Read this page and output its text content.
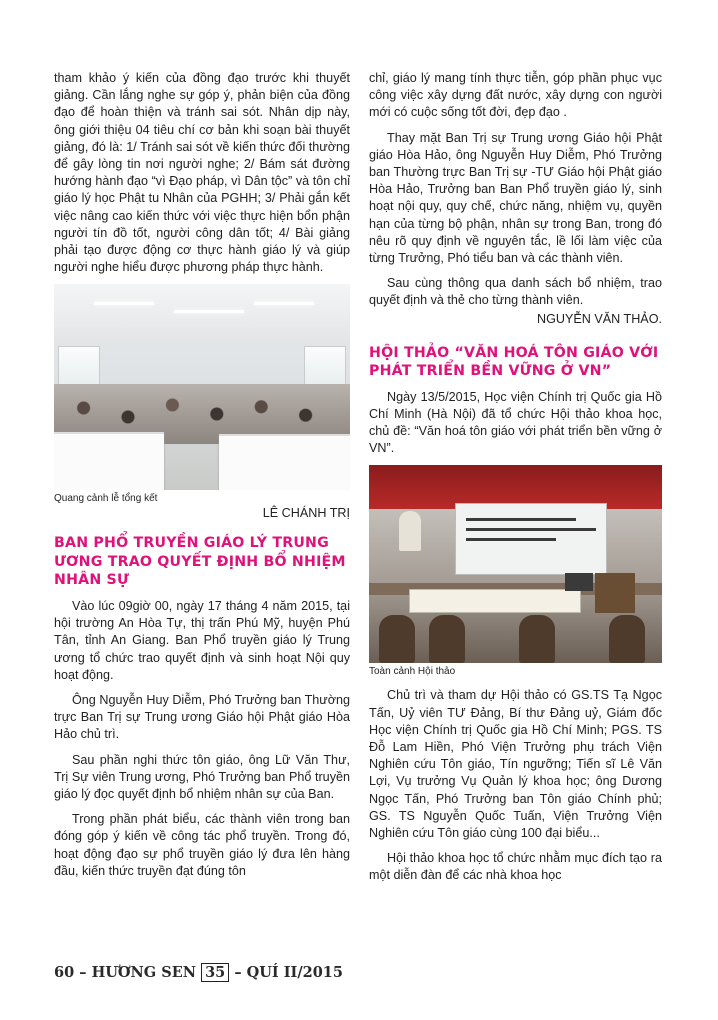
tham khảo ý kiến của đồng đạo trước khi thuyết giảng. Cần lắng nghe sự góp ý, phản biện của đồng đạo để hoàn thiện và tránh sai sót. Nhân dịp này, ông giới thiệu 04 tiêu chí cơ bản khi soạn bài thuyết giảng, đó là: 1/ Tránh sai sót về kiến thức đối thường để gây lòng tin nơi người nghe; 2/ Bám sát đường hướng hành đạo “vì Đạo pháp, vì Dân tộc” và tôn chỉ giáo lý học Phật tu Nhân của PGHH; 3/ Phải gắn kết việc nâng cao kiến thức với việc thực hiện bổn phận người tín đồ tốt, người công dân tốt; 4/ Bài giảng phải tạo được động cơ thực hành giáo lý và giúp người nghe hiểu được phương pháp thực hành.

Quang cảnh lễ tổng kết

LÊ CHÁNH TRỊ

BAN PHỔ TRUYỀN GIÁO LÝ TRUNG ƯƠNG TRAO QUYẾT ĐỊNH BỔ NHIỆM NHÂN SỰ

Vào lúc 09giờ 00, ngày 17 tháng 4 năm 2015, tại hội trường An Hòa Tự, thị trấn Phú Mỹ, huyện Phú Tân, tỉnh An Giang. Ban Phổ truyền giáo lý Trung ương tổ chức trao quyết định và sinh hoạt Nội quy hoạt động.

Ông Nguyễn Huy Diễm, Phó Trưởng ban Thường trực Ban Trị sự Trung ương Giáo hội Phật giáo Hòa Hảo chủ trì.

Sau phần nghi thức tôn giáo, ông Lữ Văn Thư, Trị Sự viên Trung ương, Phó Trưởng ban Phổ truyền giáo lý đọc quyết định bổ nhiệm nhân sự của Ban.

Trong phần phát biểu, các thành viên trong ban đóng góp ý kiến về công tác phổ truyền. Trong đó, hoạt động đạo sự phổ truyền giáo lý đưa lên hàng đầu, kiến thức truyền đạt đúng tôn

chỉ, giáo lý mang tính thực tiễn, góp phần phục vục công việc xây dựng đất nước, xây dựng con người mới có cuộc sống tốt đời, đẹp đạo .

Thay mặt Ban Trị sự Trung ương Giáo hội Phật giáo Hòa Hảo, ông Nguyễn Huy Diễm, Phó Trưởng ban Thường trực Ban Trị sự -TƯ Giáo hội Phật giáo Hòa Hảo, Trưởng ban Ban Phổ truyền giáo lý, sinh hoạt nội quy, quy chế, chức năng, nhiệm vụ, quyền hạn của từng bộ phận, nhân sự trong Ban, trong đó nêu rõ quy định về nguyên tắc, lề lối làm việc của từng Trưởng, Phó tiểu ban và các thành viên.

Sau cùng thông qua danh sách bổ nhiệm, trao quyết định và thẻ cho từng thành viên.

NGUYỄN VĂN THẢO.

HỘI THẢO “VĂN HOÁ TÔN GIÁO VỚI PHÁT TRIỂN BỀN VỮNG Ở VN”

Ngày 13/5/2015, Học viện Chính trị Quốc gia Hồ Chí Minh (Hà Nội) đã tổ chức Hội thảo khoa học, chủ đề: “Văn hoá tôn giáo với phát triển bền vững ở VN”.

Toàn cảnh Hội thảo

Chủ trì và tham dự Hội thảo có GS.TS Tạ Ngọc Tấn, Uỷ viên TƯ Đảng, Bí thư Đảng uỷ, Giám đốc Học viện Chính trị Quốc gia Hồ Chí Minh; PGS. TS Đỗ Lam Hiền, Phó Viện Trưởng phụ trách Viện Nghiên cứu Tôn giáo, Tín ngưỡng; Tiến sĩ Lê Văn Lợi, Vụ trưởng Vụ Quản lý khoa học; ông Dương Ngọc Tấn, Phó Trưởng ban Tôn giáo Chính phủ; GS. TS Nguyễn Quốc Tuấn, Viện Trưởng Viện Nghiên cứu Tôn giáo cùng 100 đại biểu...

Hội thảo khoa học tổ chức nhằm mục đích tạo ra một diễn đàn để các nhà khoa học

60 – HƯƠNG SEN 35 – QUÍ II/2015
